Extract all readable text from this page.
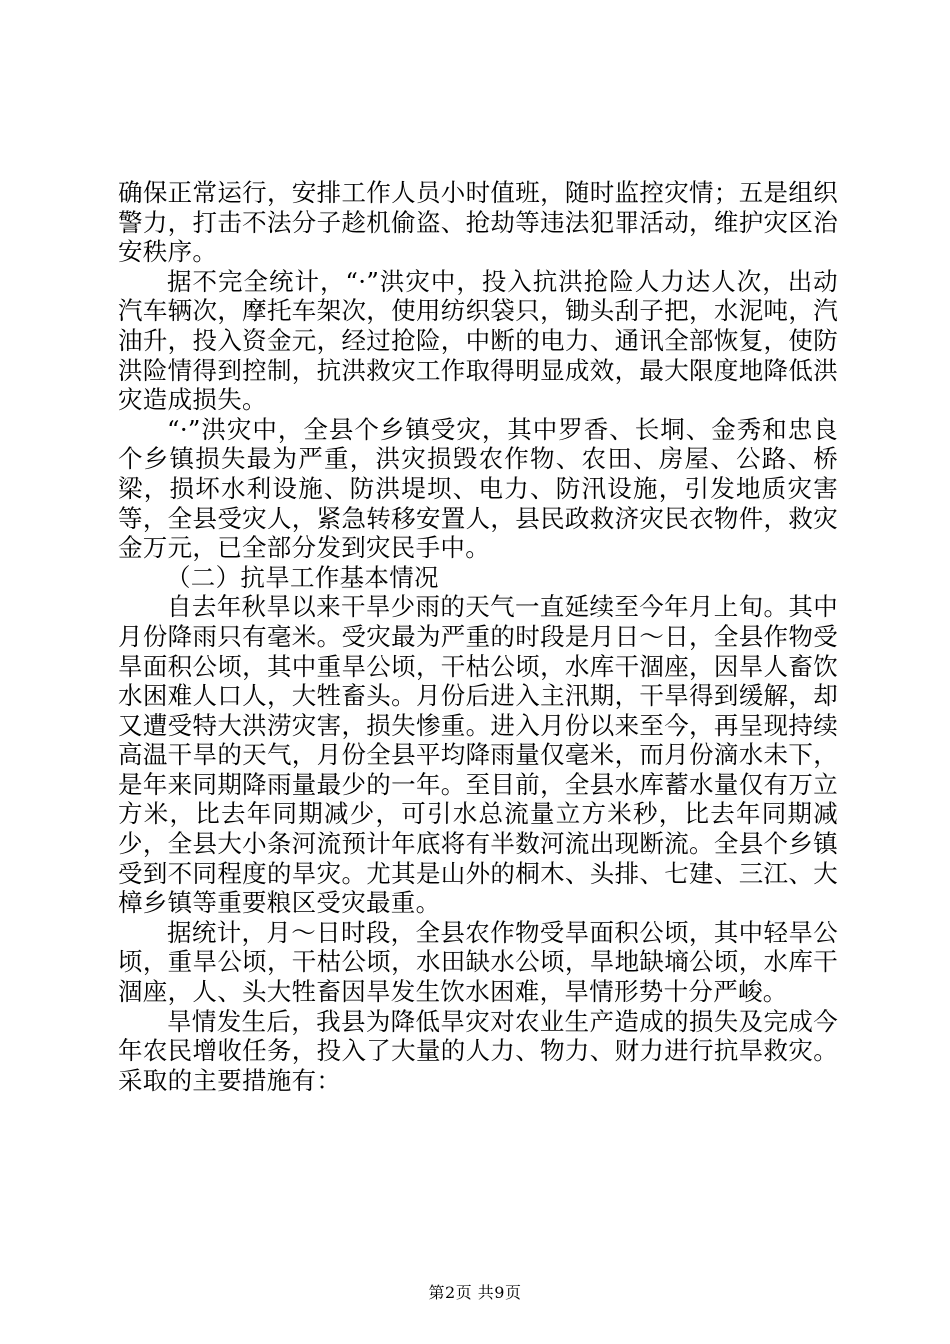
确保正常运行，安排工作人员小时值班，随时监控灾情；五是组织警力，打击不法分子趁机偷盗、抢劫等违法犯罪活动，维护灾区治安秩序。

据不完全统计，“·”洪灾中，投入抗洪抢险人力达人次，出动汽车辆次，摩托车架次，使用纺织袋只，锄头刮子把，水泥吨，汽油升，投入资金元，经过抢险，中断的电力、通讯全部恢复，使防洪险情得到控制，抗洪救灾工作取得明显成效，最大限度地降低洪灾造成损失。

“·”洪灾中，全县个乡镇受灾，其中罗香、长垌、金秀和忠良个乡镇损失最为严重，洪灾损毁农作物、农田、房屋、公路、桥梁，损坏水利设施、防洪堤坝、电力、防汛设施，引发地质灾害等，全县受灾人，紧急转移安置人，县民政救济灾民衣物件，救灾金万元，已全部分发到灾民手中。

（二）抗旱工作基本情况

自去年秋旱以来干旱少雨的天气一直延续至今年月上旬。其中月份降雨只有毫米。受灾最为严重的时段是月日～日，全县作物受旱面积公顷，其中重旱公顷，干枯公顷，水库干涸座，因旱人畜饮水困难人口人，大牲畜头。月份后进入主汛期，干旱得到缓解，却又遭受特大洪涝灾害，损失惨重。进入月份以来至今，再呈现持续高温干旱的天气，月份全县平均降雨量仅毫米，而月份滴水未下，是年来同期降雨量最少的一年。至目前，全县水库蓄水量仅有万立方米，比去年同期减少，可引水总流量立方米秒，比去年同期减少，全县大小条河流预计年底将有半数河流出现断流。全县个乡镇受到不同程度的旱灾。尤其是山外的桐木、头排、七建、三江、大樟乡镇等重要粮区受灾最重。

据统计，月～日时段，全县农作物受旱面积公顷，其中轻旱公顷，重旱公顷，干枯公顷，水田缺水公顷，旱地缺墒公顷，水库干涸座，人、头大牲畜因旱发生饮水困难，旱情形势十分严峻。

旱情发生后，我县为降低旱灾对农业生产造成的损失及完成今年农民增收任务，投入了大量的人力、物力、财力进行抗旱救灾。采取的主要措施有：

第2页 共9页
